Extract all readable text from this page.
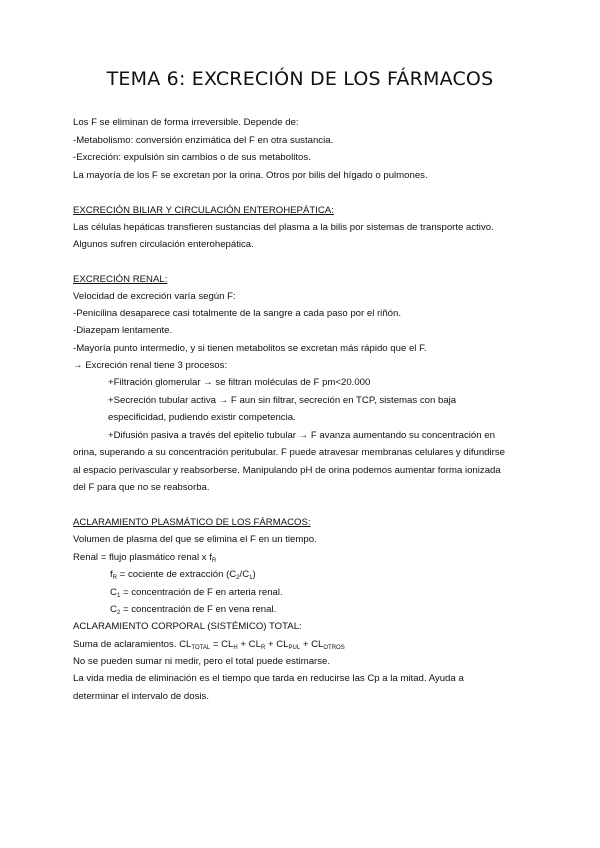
TEMA 6: EXCRECIÓN DE LOS FÁRMACOS

Los F se eliminan de forma irreversible. Depende de:

-Metabolismo: conversión enzimática del F en otra sustancia.

-Excreción: expulsión sin cambios o de sus metabolitos.

La mayoría de los F se excretan por la orina. Otros por bilis del hígado o pulmones.

EXCRECIÓN BILIAR Y CIRCULACIÓN ENTEROHEPÁTICA:

Las células hepáticas transfieren sustancias del plasma a la bilis por sistemas de transporte activo.

Algunos sufren circulación enterohepática.

EXCRECIÓN RENAL:

Velocidad de excreción varía según F:

-Penicilina desaparece casi totalmente de la sangre a cada paso por el riñón.

-Diazepam lentamente.

-Mayoría punto intermedio, y si tienen metabolitos se excretan más rápido que el F.

→ Excreción renal tiene 3 procesos:

+Filtración glomerular → se filtran moléculas de F pm<20.000

+Secreción tubular activa → F aun sin filtrar, secreción en TCP, sistemas con baja

especificidad, pudiendo existir competencia.

+Difusión pasiva a través del epitelio tubular → F avanza aumentando su concentración en

orina, superando a su concentración peritubular. F puede atravesar membranas celulares y difundirse

al espacio perivascular y reabsorberse. Manipulando pH de orina podemos aumentar forma ionizada

del F para que no se reabsorba.

ACLARAMIENTO PLASMÁTICO DE LOS FÁRMACOS:

Volumen de plasma del que se elimina el F en un tiempo.

Renal = flujo plasmático renal x $f_R$

$f_R$ = cociente de extracción $(C_2/C_1)$

$C_1$ = concentración de F en arteria renal.

$C_2$ = concentración de F en vena renal.

ACLARAMIENTO CORPORAL (SISTÉMICO) TOTAL:

Suma de aclaramientos. $CL_{TOTAL} = CL_H + CL_R + CL_{PUL} + CL_{OTROS}$

No se pueden sumar ni medir, pero el total puede estimarse.

La vida media de eliminación es el tiempo que tarda en reducirse las Cp a la mitad. Ayuda a

determinar el intervalo de dosis.
